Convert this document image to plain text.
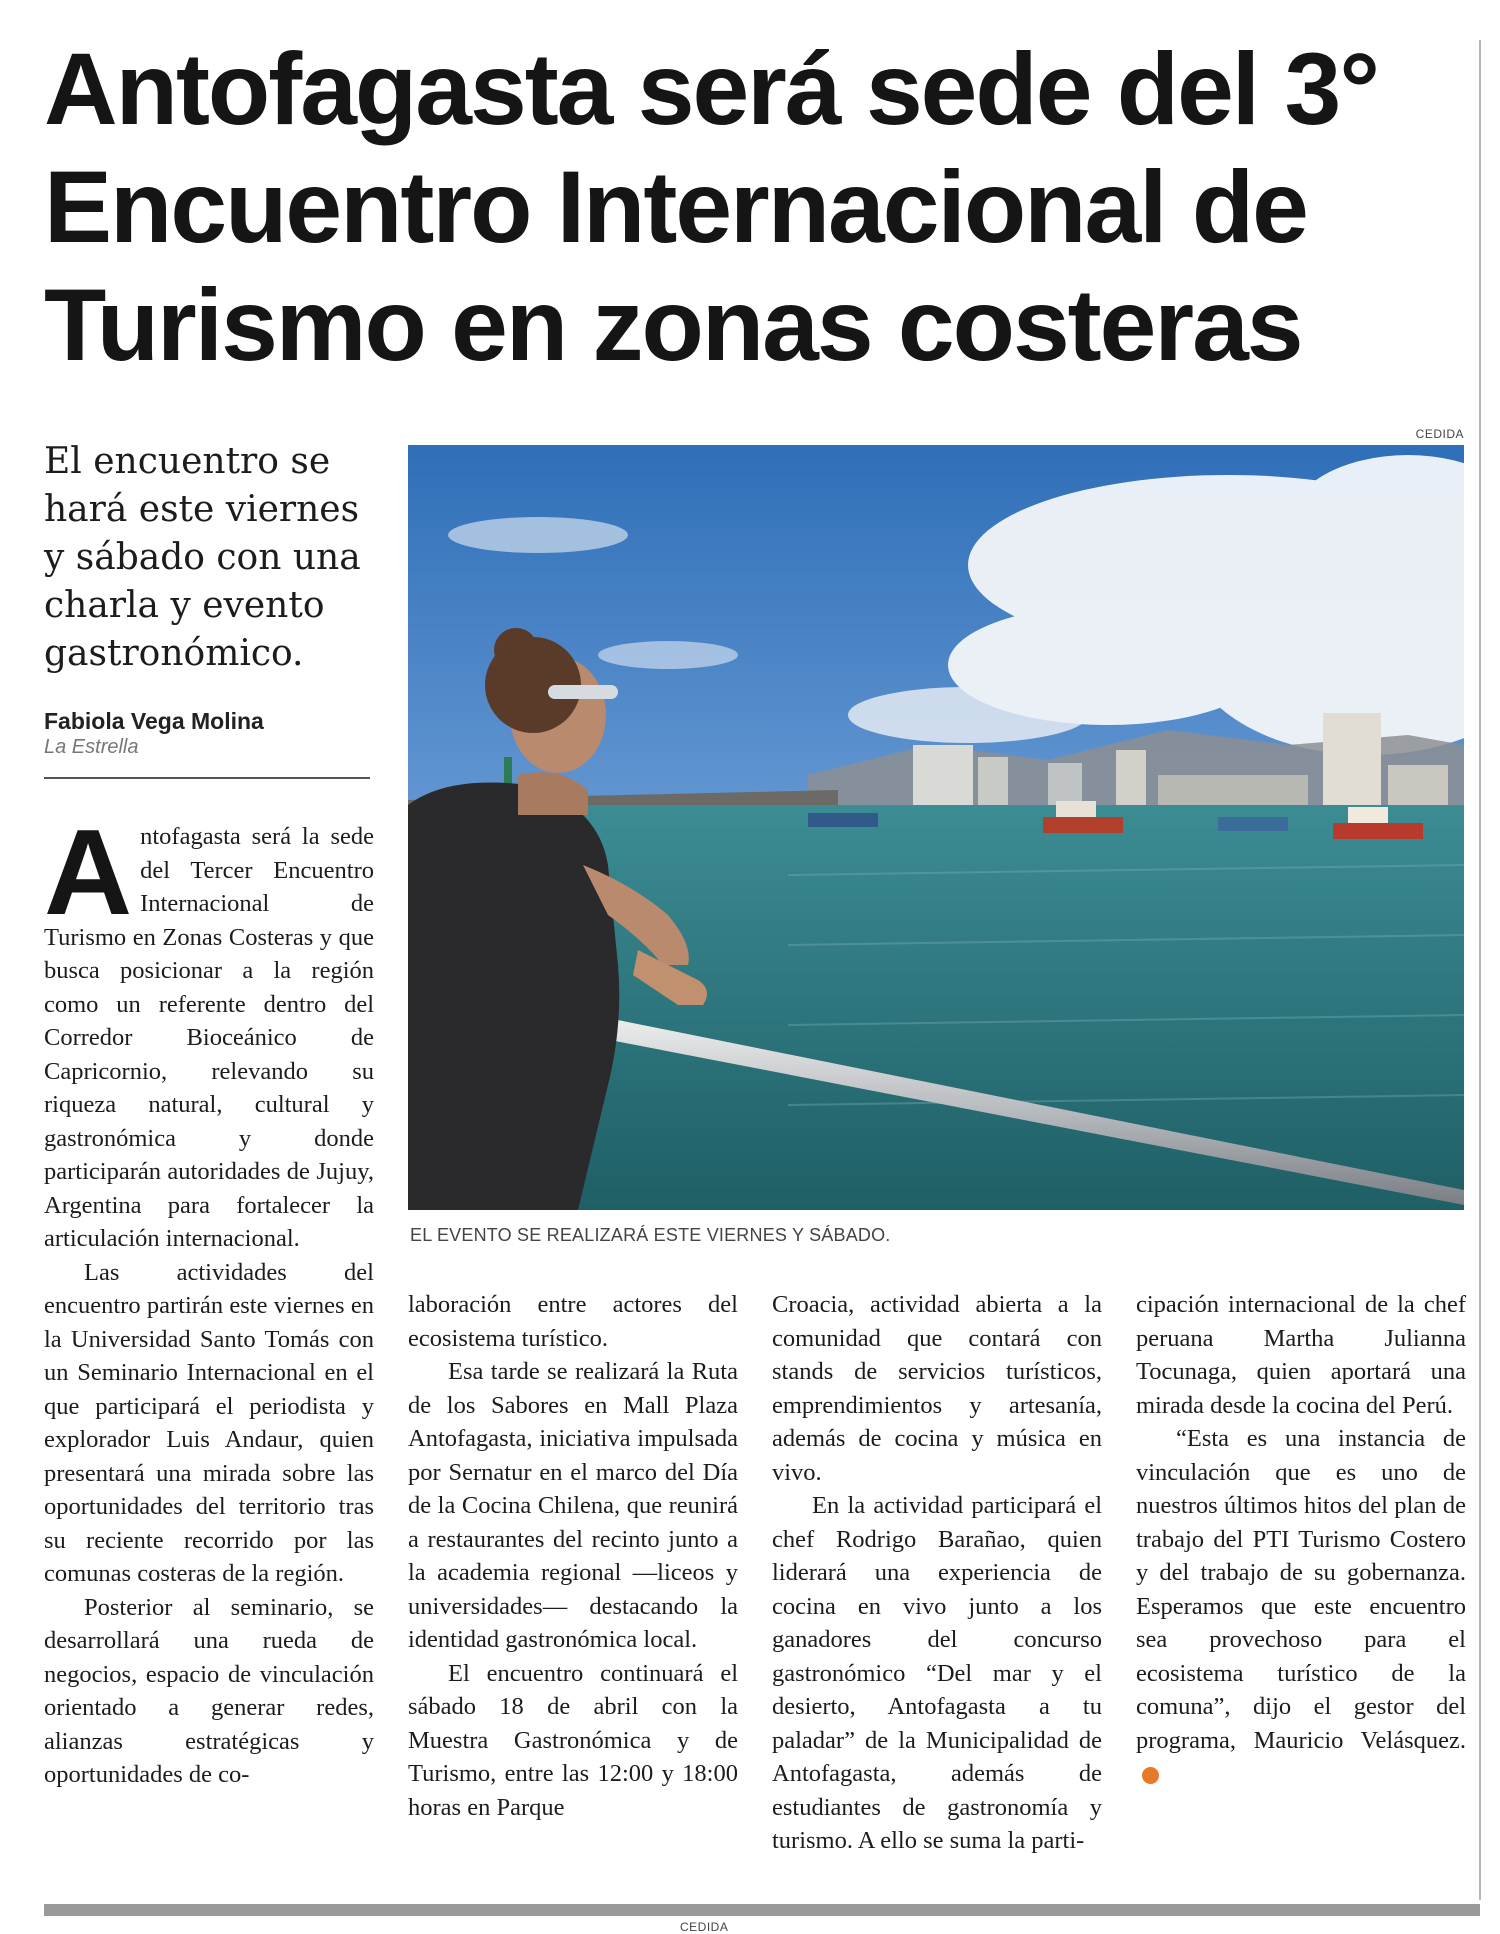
Antofagasta será sede del 3°
Encuentro Internacional de
Turismo en zonas costeras

El encuentro se hará este viernes y sábado con una charla y evento gastronómico.

Fabiola Vega Molina
La Estrella
CEDIDA
EL EVENTO SE REALIZARÁ ESTE VIERNES Y SÁBADO.

Antofagasta será la sede del Tercer Encuentro Internacional de Turismo en Zonas Costeras y que busca posicionar a la región como un referente dentro del Corredor Bioceánico de Capricornio, relevando su riqueza natural, cultural y gastronómica y donde participarán autoridades de Jujuy, Argentina para fortalecer la articulación internacional.

Las actividades del encuentro partirán este viernes en la Universidad Santo Tomás con un Seminario Internacional en el que participará el periodista y explorador Luis Andaur, quien presentará una mirada sobre las oportunidades del territorio tras su reciente recorrido por las comunas costeras de la región.

Posterior al seminario, se desarrollará una rueda de negocios, espacio de vinculación orientado a generar redes, alianzas estratégicas y oportunidades de co-

laboración entre actores del ecosistema turístico.

Esa tarde se realizará la Ruta de los Sabores en Mall Plaza Antofagasta, iniciativa impulsada por Sernatur en el marco del Día de la Cocina Chilena, que reunirá a restaurantes del recinto junto a la academia regional —liceos y universidades— destacando la identidad gastronómica local.

El encuentro continuará el sábado 18 de abril con la Muestra Gastronómica y de Turismo, entre las 12:00 y 18:00 horas en Parque

Croacia, actividad abierta a la comunidad que contará con stands de servicios turísticos, emprendimientos y artesanía, además de cocina y música en vivo.

En la actividad participará el chef Rodrigo Barañao, quien liderará una experiencia de cocina en vivo junto a los ganadores del concurso gastronómico “Del mar y el desierto, Antofagasta a tu paladar” de la Municipalidad de Antofagasta, además de estudiantes de gastronomía y turismo. A ello se suma la parti-

cipación internacional de la chef peruana Martha Julianna Tocunaga, quien aportará una mirada desde la cocina del Perú.

“Esta es una instancia de vinculación que es uno de nuestros últimos hitos del plan de trabajo del PTI Turismo Costero y del trabajo de su gobernanza. Esperamos que este encuentro sea provechoso para el ecosistema turístico de la comuna”, dijo el gestor del programa, Mauricio Velásquez.✪

CEDIDA
